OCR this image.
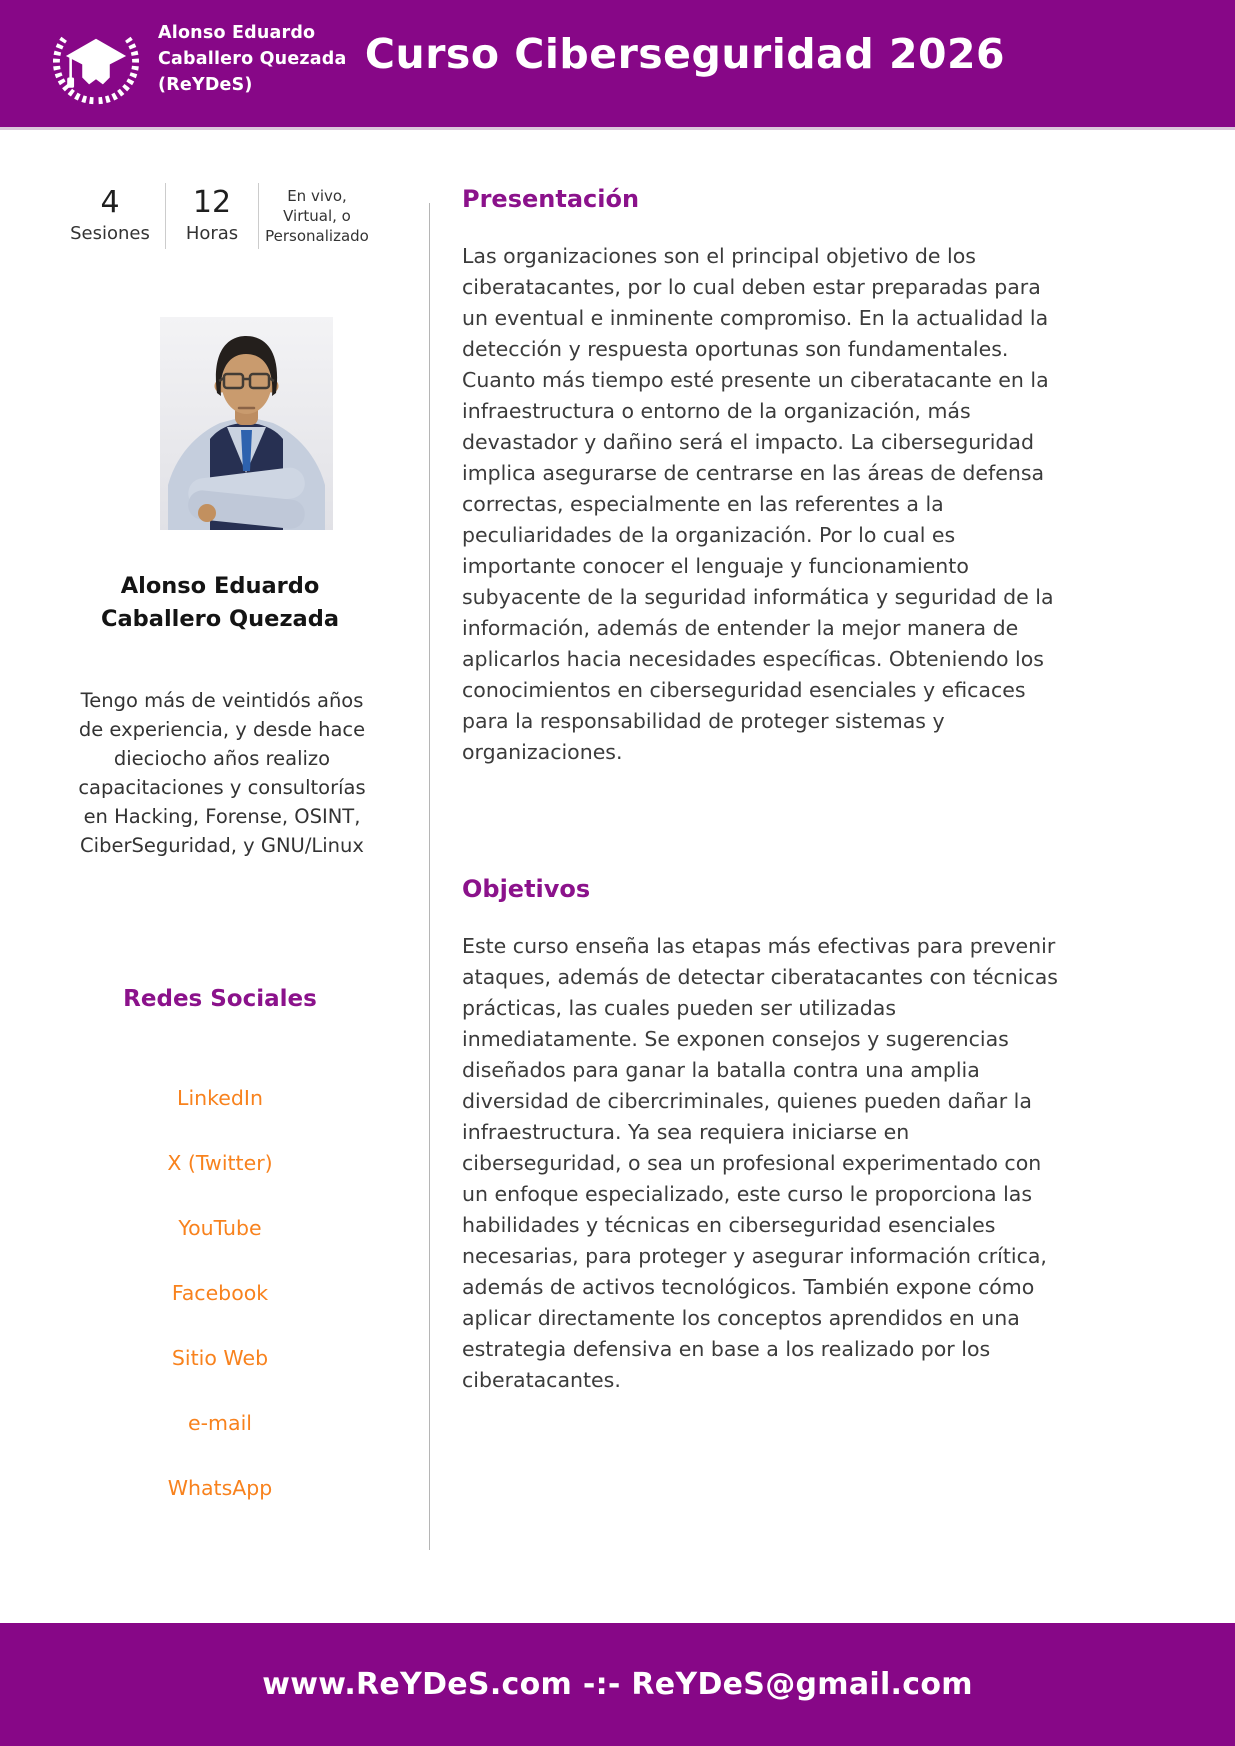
Alonso Eduardo
Caballero Quezada
(ReYDeS)
Curso Ciberseguridad 2026
4
Sesiones
12
Horas
En vivo,
Virtual, o
Personalizado
Alonso Eduardo
Caballero Quezada
Tengo más de veintidós años de experiencia, y desde hace dieciocho años realizo capacitaciones y consultorías en Hacking, Forense, OSINT, CiberSeguridad, y GNU/Linux
Redes Sociales
LinkedIn
X (Twitter)
YouTube
Facebook
Sitio Web
e-mail
WhatsApp
Presentación

Las organizaciones son el principal objetivo de los ciberatacantes, por lo cual deben estar preparadas para un eventual e inminente compromiso. En la actualidad la detección y respuesta oportunas son fundamentales. Cuanto más tiempo esté presente un ciberatacante en la infraestructura o entorno de la organización, más devastador y dañino será el impacto. La ciberseguridad implica asegurarse de centrarse en las áreas de defensa correctas, especialmente en las referentes a la peculiaridades de la organización. Por lo cual es importante conocer el lenguaje y funcionamiento subyacente de la seguridad informática y seguridad de la información, además de entender la mejor manera de aplicarlos hacia necesidades específicas. Obteniendo los conocimientos en ciberseguridad esenciales y eficaces para la responsabilidad de proteger sistemas y organizaciones.

Objetivos

Este curso enseña las etapas más efectivas para prevenir ataques, además de detectar ciberatacantes con técnicas prácticas, las cuales pueden ser utilizadas inmediatamente. Se exponen consejos y sugerencias diseñados para ganar la batalla contra una amplia diversidad de cibercriminales, quienes pueden dañar la infraestructura. Ya sea requiera iniciarse en ciberseguridad, o sea un profesional experimentado con un enfoque especializado, este curso le proporciona las habilidades y técnicas en ciberseguridad esenciales necesarias, para proteger y asegurar información crítica, además de activos tecnológicos. También expone cómo aplicar directamente los conceptos aprendidos en una estrategia defensiva en base a los realizado por los ciberatacantes.

www.ReYDeS.com -:- ReYDeS@gmail.com
